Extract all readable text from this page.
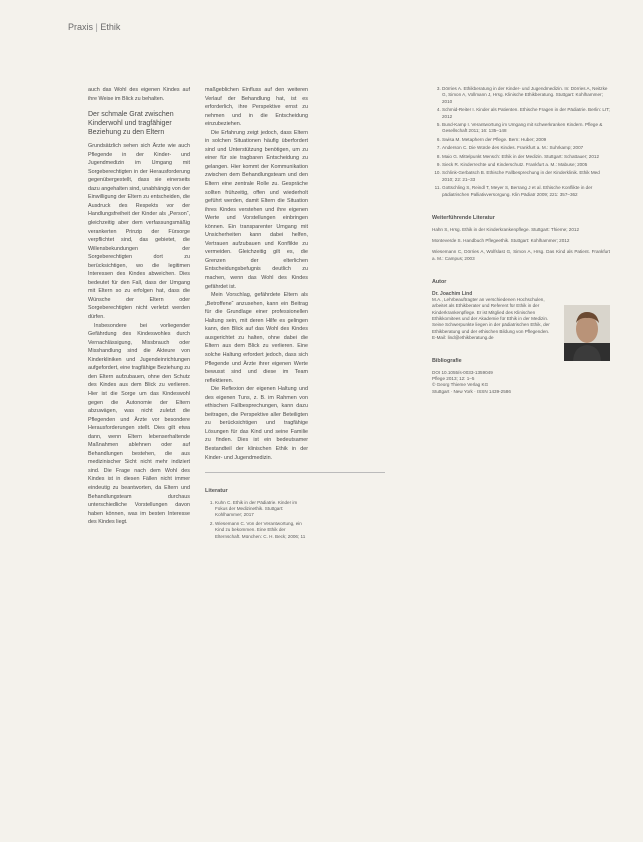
Praxis | Ethik

auch das Wohl des eigenen Kindes auf ihre Weise im Blick zu behalten.

Der schmale Grat zwischen Kinderwohl und tragfähiger Beziehung zu den Eltern

Grundsätzlich sehen sich Ärzte wie auch Pflegende in der Kinder- und Jugendmedizin im Umgang mit Sorgeberechtigten in der Herausforderung gegenübergestellt, dass sie einerseits dazu angehalten sind, unabhängig von der Einwilligung der Eltern zu entscheiden, die Ausdruck des Respekts vor der Handlungsfreiheit der Kinder als „Person“, gleichzeitig aber dem verfassungsmäßig verankerten Prinzip der Fürsorge verpflichtet sind, das gebietet, die Willensbekundungen der Sorgeberechtigten dort zu berücksichtigen, wo die legitimen Interessen des Kindes abweichen. Dies bedeutet für den Fall, dass der Umgang mit Eltern so zu erfolgen hat, dass die Wünsche der Eltern oder Sorgeberechtigten nicht verletzt werden dürfen.

Insbesondere bei vorliegender Gefährdung des Kindeswohles durch Vernachlässigung, Missbrauch oder Misshandlung sind die Akteure von Kinderkliniken und Jugendeinrichtungen aufgefordert, eine tragfähige Beziehung zu den Eltern aufzubauen, ohne den Schutz des Kindes aus dem Blick zu verlieren. Hier ist die Sorge um das Kindeswohl gegen die Autonomie der Eltern abzuwägen, was nicht zuletzt die Pflegenden und Ärzte vor besondere Herausforderungen stellt. Dies gilt etwa dann, wenn Eltern lebenserhaltende Maßnahmen ablehnen oder auf Behandlungen bestehen, die aus medizinischer Sicht nicht mehr indiziert sind. Die Frage nach dem Wohl des Kindes ist in diesen Fällen nicht immer eindeutig zu beantworten, da Eltern und Behandlungsteam durchaus unterschiedliche Vorstellungen davon haben können, was im besten Interesse des Kindes liegt.

maßgeblichen Einfluss auf den weiteren Verlauf der Behandlung hat, ist es erforderlich, ihre Perspektive ernst zu nehmen und in die Entscheidung einzubeziehen.

Die Erfahrung zeigt jedoch, dass Eltern in solchen Situationen häufig überfordert sind und Unterstützung benötigen, um zu einer für sie tragbaren Entscheidung zu gelangen. Hier kommt der Kommunikation zwischen dem Behandlungsteam und den Eltern eine zentrale Rolle zu. Gespräche sollten frühzeitig, offen und wiederholt geführt werden, damit Eltern die Situation ihres Kindes verstehen und ihre eigenen Werte und Vorstellungen einbringen können. Ein transparenter Umgang mit Unsicherheiten kann dabei helfen, Vertrauen aufzubauen und Konflikte zu vermeiden. Gleichzeitig gilt es, die Grenzen der elterlichen Entscheidungsbefugnis deutlich zu machen, wenn das Wohl des Kindes gefährdet ist.

Mein Vorschlag, gefährdete Eltern als „Betroffene“ anzusehen, kann ein Beitrag für die Grundlage einer professionellen Haltung sein, mit deren Hilfe es gelingen kann, den Blick auf das Wohl des Kindes ausgerichtet zu halten, ohne dabei die Eltern aus dem Blick zu verlieren. Eine solche Haltung erfordert jedoch, dass sich Pflegende und Ärzte ihrer eigenen Werte bewusst sind und diese im Team reflektieren.

Die Reflexion der eigenen Haltung und des eigenen Tuns, z. B. im Rahmen von ethischen Fallbesprechungen, kann dazu beitragen, die Perspektive aller Beteiligten zu berücksichtigen und tragfähige Lösungen für das Kind und seine Familie zu finden. Dies ist ein bedeutsamer Bestandteil der klinischen Ethik in der Kinder- und Jugendmedizin.

Literatur
1. Kuhn C. Ethik in der Pädiatrie. Kinder im Fokus der Medizinethik. Stuttgart: Kohlhammer; 2017
2. Wiesemann C. Von der Verantwortung, ein Kind zu bekommen. Eine Ethik der Elternschaft. München: C. H. Beck; 2006; 11
3. Dörries A. Ethikberatung in der Kinder- und Jugendmedizin. In: Dörries A, Neitzke G, Simon A, Vollmann J, Hrsg. Klinische Ethikberatung. Stuttgart: Kohlhammer; 2010
4. Schmid-Reiter I. Kinder als Patienten. Ethische Fragen in der Pädiatrie. Berlin: LIT; 2012
5. Bund-Kamp I. Verantwortung im Umgang mit schwerkranken Kindern. Pflege & Gesellschaft 2011; 16: 135–148
6. Swisa M. Metaphern der Pflege. Bern: Huber; 2009
7. Anderson C. Die Würde des Kindes. Frankfurt a. M.: Suhrkamp; 2007
8. Maio G. Mittelpunkt Mensch: Ethik in der Medizin. Stuttgart: Schattauer; 2012
9. Sieck R. Kinderrechte und Kinderschutz. Frankfurt a. M.: Mabuse; 2005
10. Schlink-Gerbatsch B. Ethische Fallbesprechung in der Kinderklinik. Ethik Med 2010; 22: 21–33
11. Gottschling S, Reindl T, Meyer S, Berrang J et al. Ethische Konflikte in der pädiatrischen Palliativversorgung. Klin Pädiatr 2009; 221: 357–362
Weiterführende Literatur

Hahn S, Hrsg. Ethik in der Kinderkrankenpflege. Stuttgart: Thieme; 2012

Monteverde S. Handbuch Pflegeethik. Stuttgart: Kohlhammer; 2012

Wiesemann C, Dörries A, Wolfslast G, Simon A, Hrsg. Das Kind als Patient. Frankfurt a. M.: Campus; 2003

Autor
Dr. Joachim Lind
M.A., Lehrbeauftragter an verschiedenen Hochschulen, arbeitet als Ethikberater und Referent für Ethik in der Kinderkrankenpflege. Er ist Mitglied des Klinischen Ethikkomitees und der Akademie für Ethik in der Medizin. Seine Schwerpunkte liegen in der pädiatrischen Ethik, der Ethikberatung und der ethischen Bildung von Pflegenden.
E-Mail: lind@ethikberatung.de
Bibliografie

DOI 10.1055/s-0033-1359049

Pflege 2013; 12: 1–5

© Georg Thieme Verlag KG

Stuttgart · New York · ISSN 1439-2586
